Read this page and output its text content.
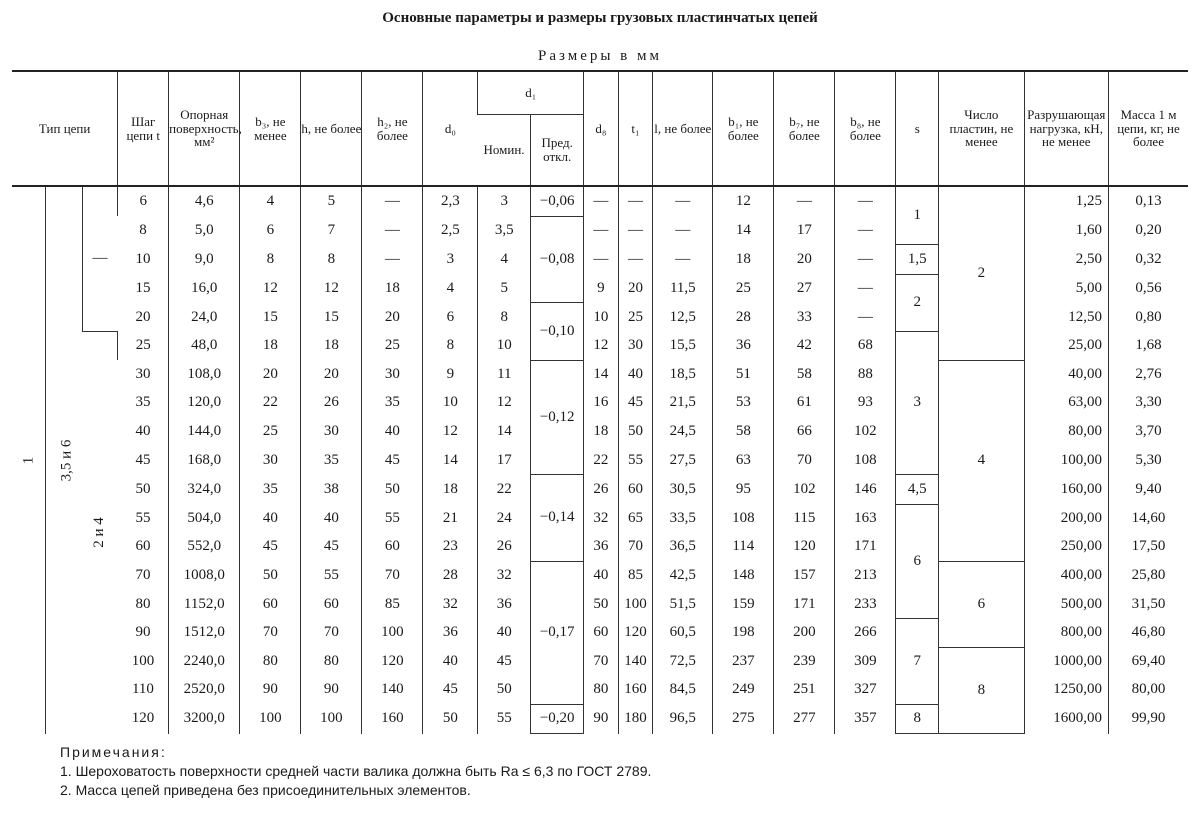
Основные параметры и размеры грузовых пластинчатых цепей
Размеры в мм
Тип цепи			Шаг цепи t	Опорная поверхность, мм²	b₃, не менее	h, не более	h₂, не более	d₀	d₁		d₈	t₁	l, не более	b₁, не более	b₇, не более	b₈, не более	s	Число пластин, не менее	Разрушающая нагрузка, кН, не менее	Масса 1 м цепи, кг, не более
									Номин.	Пред. откл.										
1	3,5 и 6	—	6	4,6	4	5	—	2,3	3	−0,06	—	—	—	12	—	—	1	2	1,25	0,13
			8	5,0	6	7	—	2,5	3,5	−0,08	—	—	—	14	17	—			1,60	0,20
			10	9,0	8	8	—	3	4		—	—	—	18	20	—	1,5		2,50	0,32
			15	16,0	12	12	18	4	5		9	20	11,5	25	27	—	2		5,00	0,56
			20	24,0	15	15	20	6	8	−0,10	10	25	12,5	28	33	—			12,50	0,80
		2 и 4	25	48,0	18	18	25	8	10		12	30	15,5	36	42	68	3		25,00	1,68
			30	108,0	20	20	30	9	11	−0,12	14	40	18,5	51	58	88		4	40,00	2,76
			35	120,0	22	26	35	10	12		16	45	21,5	53	61	93			63,00	3,30
			40	144,0	25	30	40	12	14		18	50	24,5	58	66	102			80,00	3,70
			45	168,0	30	35	45	14	17		22	55	27,5	63	70	108			100,00	5,30
			50	324,0	35	38	50	18	22	−0,14	26	60	30,5	95	102	146	4,5		160,00	9,40
			55	504,0	40	40	55	21	24		32	65	33,5	108	115	163	6		200,00	14,60
			60	552,0	45	45	60	23	26		36	70	36,5	114	120	171			250,00	17,50
			70	1008,0	50	55	70	28	32	−0,17	40	85	42,5	148	157	213		6	400,00	25,80
			80	1152,0	60	60	85	32	36		50	100	51,5	159	171	233			500,00	31,50
			90	1512,0	70	70	100	36	40		60	120	60,5	198	200	266	7		800,00	46,80
			100	2240,0	80	80	120	40	45		70	140	72,5	237	239	309		8	1000,00	69,40
			110	2520,0	90	90	140	45	50		80	160	84,5	249	251	327			1250,00	80,00
			120	3200,0	100	100	160	50	55	−0,20	90	180	96,5	275	277	357	8		1600,00	99,90
Примечания:
1. Шероховатость поверхности средней части валика должна быть Ra ≤ 6,3 по ГОСТ 2789.
2. Масса цепей приведена без присоединительных элементов.
